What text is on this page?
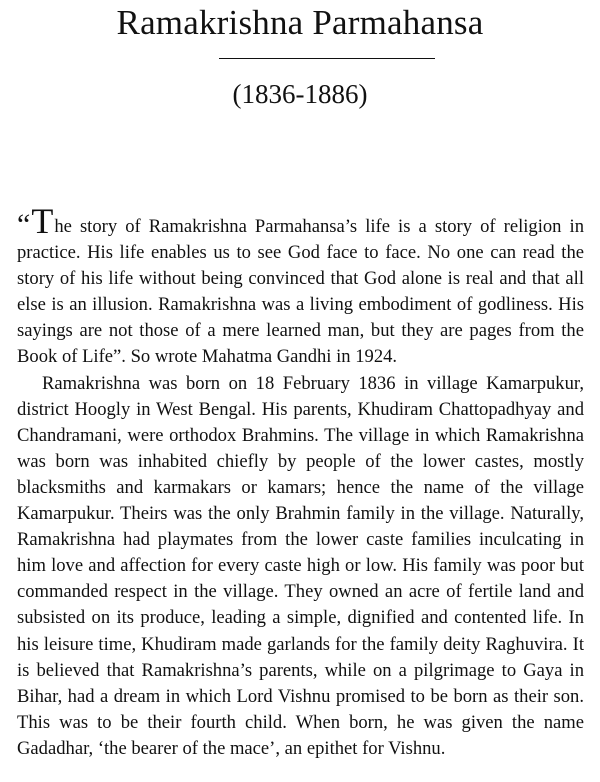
Ramakrishna Parmahansa
(1836-1886)

“The story of Ramakrishna Parmahansa’s life is a story of religion in practice. His life enables us to see God face to face. No one can read the story of his life without being convinced that God alone is real and that all else is an illusion. Ramakrishna was a living embodiment of godliness. His sayings are not those of a mere learned man, but they are pages from the Book of Life”. So wrote Mahatma Gandhi in 1924.

Ramakrishna was born on 18 February 1836 in village Kamarpukur, district Hoogly in West Bengal. His parents, Khudiram Chattopadhyay and Chandramani, were orthodox Brahmins. The village in which Ramakrishna was born was inhabited chiefly by people of the lower castes, mostly blacksmiths and karmakars or kamars; hence the name of the village Kamarpukur. Theirs was the only Brahmin family in the village. Naturally, Ramakrishna had playmates from the lower caste families inculcating in him love and affection for every caste high or low. His family was poor but commanded respect in the village. They owned an acre of fertile land and subsisted on its produce, leading a simple, dignified and contented life. In his leisure time, Khudiram made garlands for the family deity Raghuvira. It is believed that Ramakrishna’s parents, while on a pilgrimage to Gaya in Bihar, had a dream in which Lord Vishnu promised to be born as their son. This was to be their fourth child. When born, he was given the name Gadadhar, ‘the bearer of the mace’, an epithet for Vishnu.
